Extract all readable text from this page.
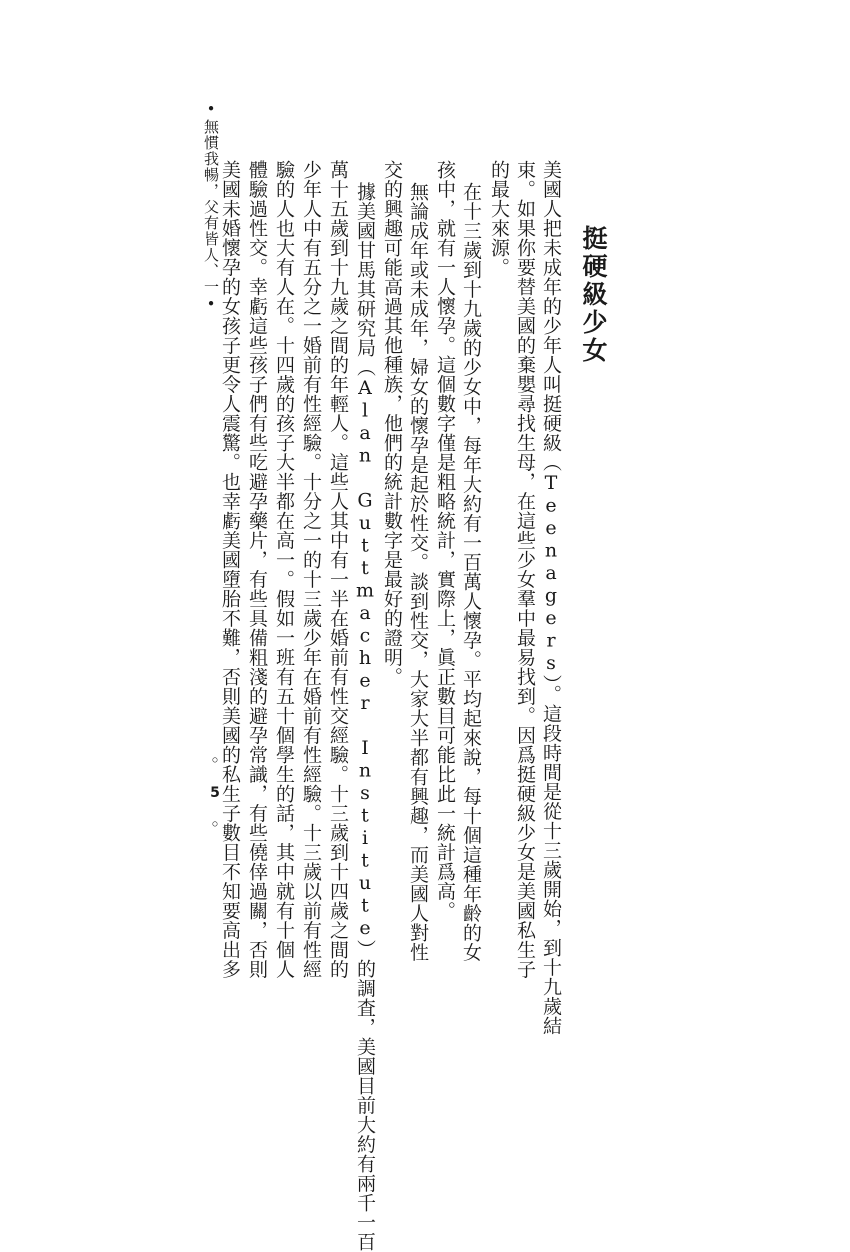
•無慣我暢，父有皆人、一•	挺硬級少女
美國人把未成年的少年人叫挺硬級（Teenagers）。這段時間是從十三歲開始，到十九歲結
束。如果你要替美國的棄嬰尋找生母，在這些少女羣中最易找到。因爲挺硬級少女是美國私生子
的最大來源。
在十三歲到十九歲的少女中，每年大約有一百萬人懷孕。平均起來說，每十個這種年齡的女
孩中，就有一人懷孕。這個數字僅是粗略統計，實際上，眞正數目可能比此一統計爲高。
無論成年或未成年，婦女的懷孕是起於性交。談到性交，大家大半都有興趣，而美國人對性
交的興趣可能高過其他種族，他們的統計數字是最好的證明。
據美國甘馬其研究局（Alan Guttmacher Institute）的調査，美國目前大約有兩千一百
萬十五歲到十九歲之間的年輕人。這些人其中有一半在婚前有性交經驗。十三歲到十四歲之間的
少年人中有五分之一婚前有性經驗。十分之一的十三歲少年在婚前有性經驗。十三歲以前有性經
驗的人也大有人在。十四歲的孩子大半都在高一。假如一班有五十個學生的話，其中就有十個人
體驗過性交。幸虧這些孩子們有些吃避孕藥片，有些具備粗淺的避孕常識，有些僥倖過關，否則
美國未婚懷孕的女孩子更令人震驚。也幸虧美國墮胎不難，否則美國的私生子數目不知要高出多
◦ 5 ◦
